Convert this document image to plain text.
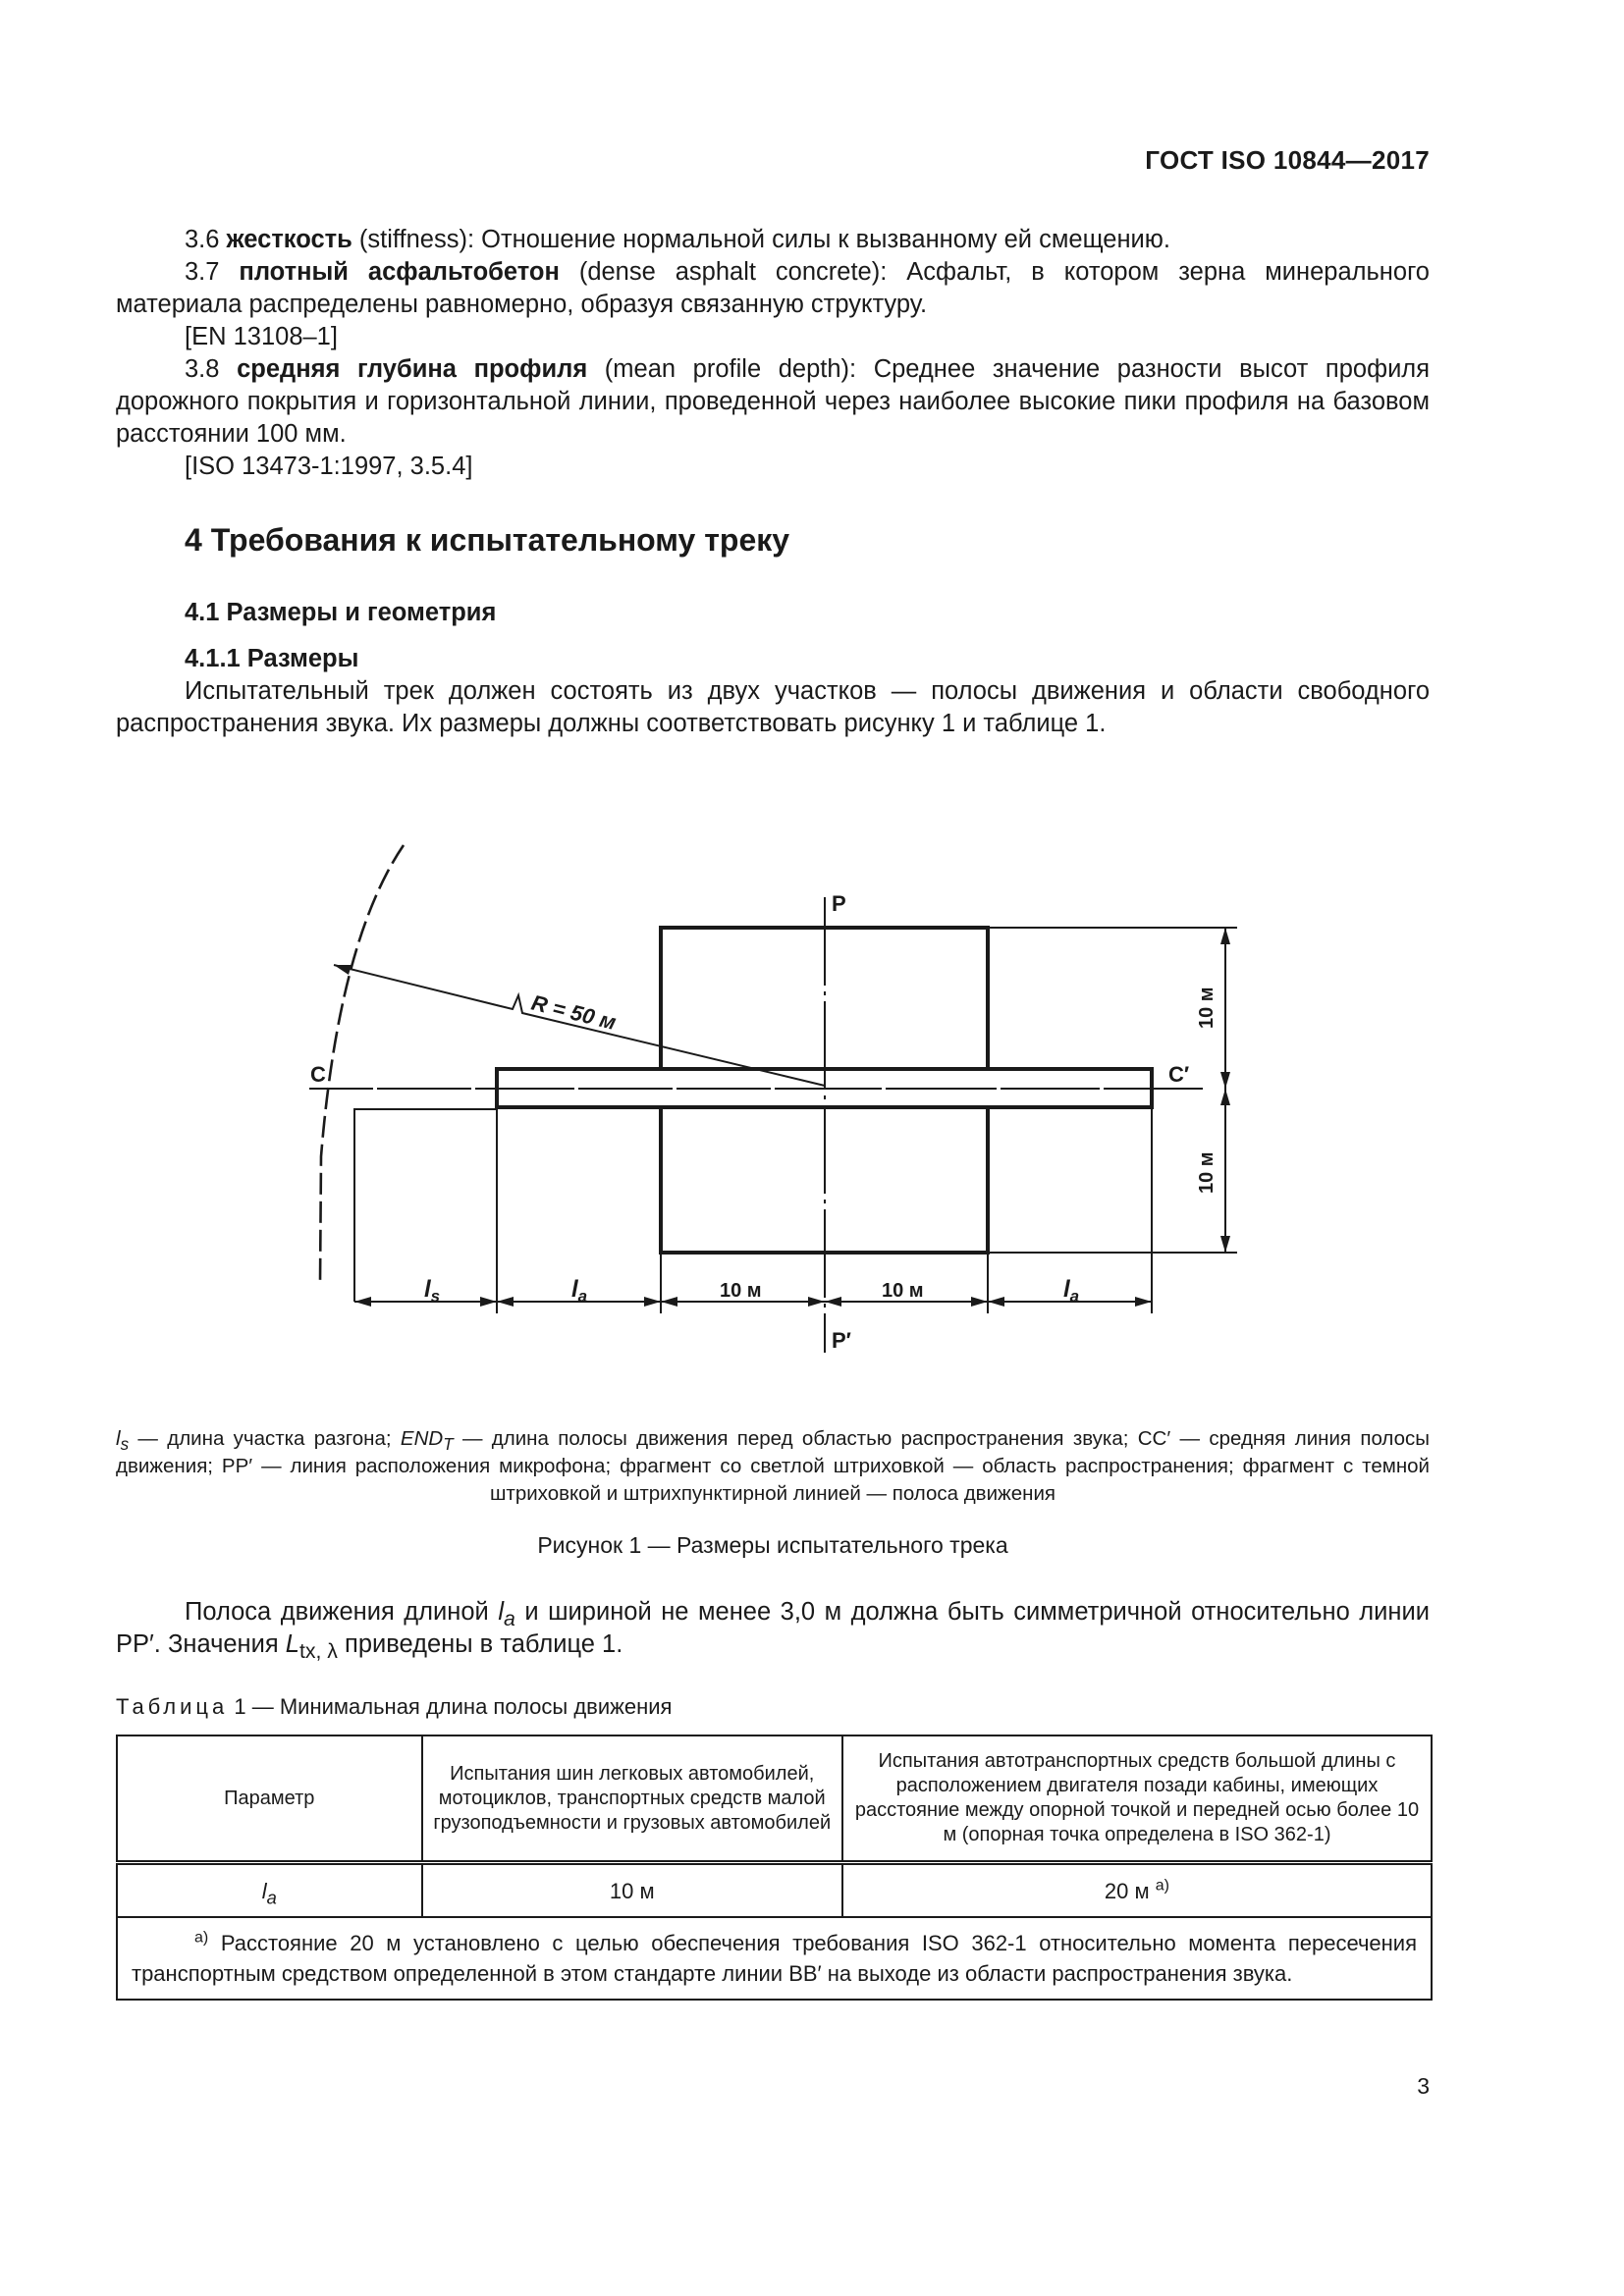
ГОСТ ISO 10844—2017

3.6 жесткость (stiffness): Отношение нормальной силы к вызванному ей смещению.

3.7 плотный асфальтобетон (dense asphalt concrete): Асфальт, в котором зерна минерального материала распределены равномерно, образуя связанную структуру.

[EN 13108–1]

3.8 средняя глубина профиля (mean profile depth): Среднее значение разности высот профиля дорожного покрытия и горизонтальной линии, проведенной через наиболее высокие пики профиля на базовом расстоянии 100 мм.

[ISO 13473-1:1997, 3.5.4]

4 Требования к испытательному треку
4.1 Размеры и геометрия
4.1.1 Размеры

Испытательный трек должен состоять из двух участков — полосы движения и области свободного распространения звука. Их размеры должны соответствовать рисунку 1 и таблице 1.

P
P′
C	C′
R = 50 м
$l_s$	$l_a$	10 м	10 м	$l_a$
10 м
10 м
$l_s$ — длина участка разгона; $END_T$ — длина полосы движения перед областью распространения звука; CC′ — средняя линия полосы движения; PP′ — линия расположения микрофона; фрагмент со светлой штриховкой — область распространения; фрагмент с темной штриховкой и штрихпунктирной линией — полоса движения
Рисунок 1 — Размеры испытательного трека

Полоса движения длиной $l_a$ и шириной не менее 3,0 м должна быть симметричной относительно линии PP′. Значения $L_{tx, \lambda}$ приведены в таблице 1.

Таблица 1 — Минимальная длина полосы движения
Параметр	Испытания шин легковых автомобилей, мотоциклов, транспортных средств малой грузоподъемности и грузовых автомобилей	Испытания автотранспортных средств большой длины с расположением двигателя позади кабины, имеющих расстояние между опорной точкой и передней осью более 10 м (опорная точка определена в ISO 362-1)
$l_a$	10 м	20 м $^{а)}$
$^{а)}$ Расстояние 20 м установлено с целью обеспечения требования ISO 362-1 относительно момента пересечения транспортным средством определенной в этом стандарте линии BB′ на выходе из области распространения звука.		
3
